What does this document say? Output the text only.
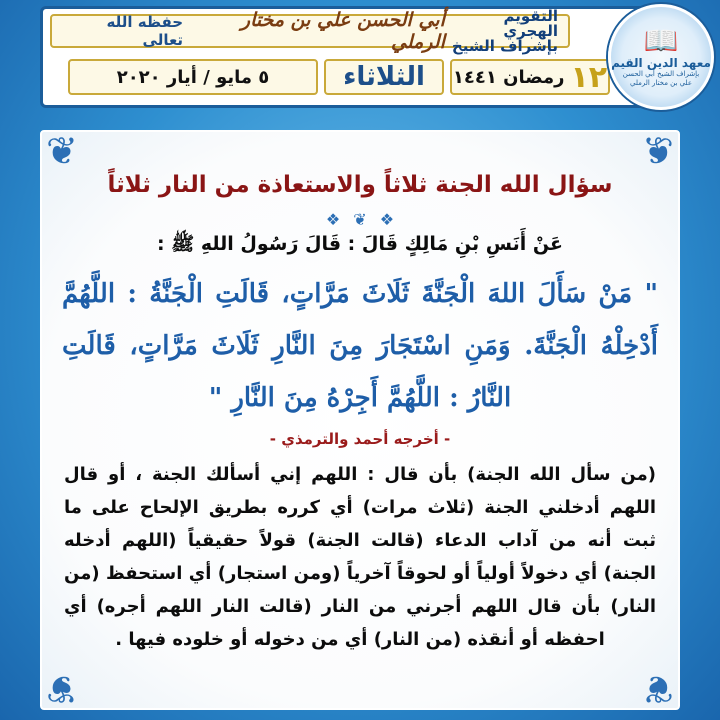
التقويم الهجري
بإشراف الشيخ
أبي الحسن علي بن مختار الرملي
حفظه الله تعالى
١٢
رمضان ١٤٤١
الثلاثاء
٥ مايو / أيار ٢٠٢٠
📖
معهد الدين القيم
بإشراف الشيخ أبي الحسن علي بن مختار الرملي
❦	❦
❦	❦
سؤال الله الجنة ثلاثاً والاستعاذة من النار ثلاثاً
❖ ❦ ❖
عَنْ أَنَسِ بْنِ مَالِكٍ قَالَ : قَالَ رَسُولُ اللهِ ﷺ :
" مَنْ سَأَلَ اللهَ الْجَنَّةَ ثَلَاثَ مَرَّاتٍ، قَالَتِ الْجَنَّةُ : اللَّهُمَّ أَدْخِلْهُ الْجَنَّةَ. وَمَنِ اسْتَجَارَ مِنَ النَّارِ ثَلَاثَ مَرَّاتٍ، قَالَتِ النَّارُ : اللَّهُمَّ أَجِرْهُ مِنَ النَّارِ "
- أخرجه أحمد والترمذي -
(من سأل الله الجنة) بأن قال : اللهم إني أسألك الجنة ، أو قال اللهم أدخلني الجنة (ثلاث مرات) أي كرره بطريق الإلحاح على ما ثبت أنه من آداب الدعاء (قالت الجنة) قولاً حقيقياً (اللهم أدخله الجنة) أي دخولاً أولياً أو لحوقاً آخرياً (ومن استجار) أي استحفظ (من النار) بأن قال اللهم أجرني من النار (قالت النار اللهم أجره) أي احفظه أو أنقذه (من النار) أي من دخوله أو خلوده فيها .
